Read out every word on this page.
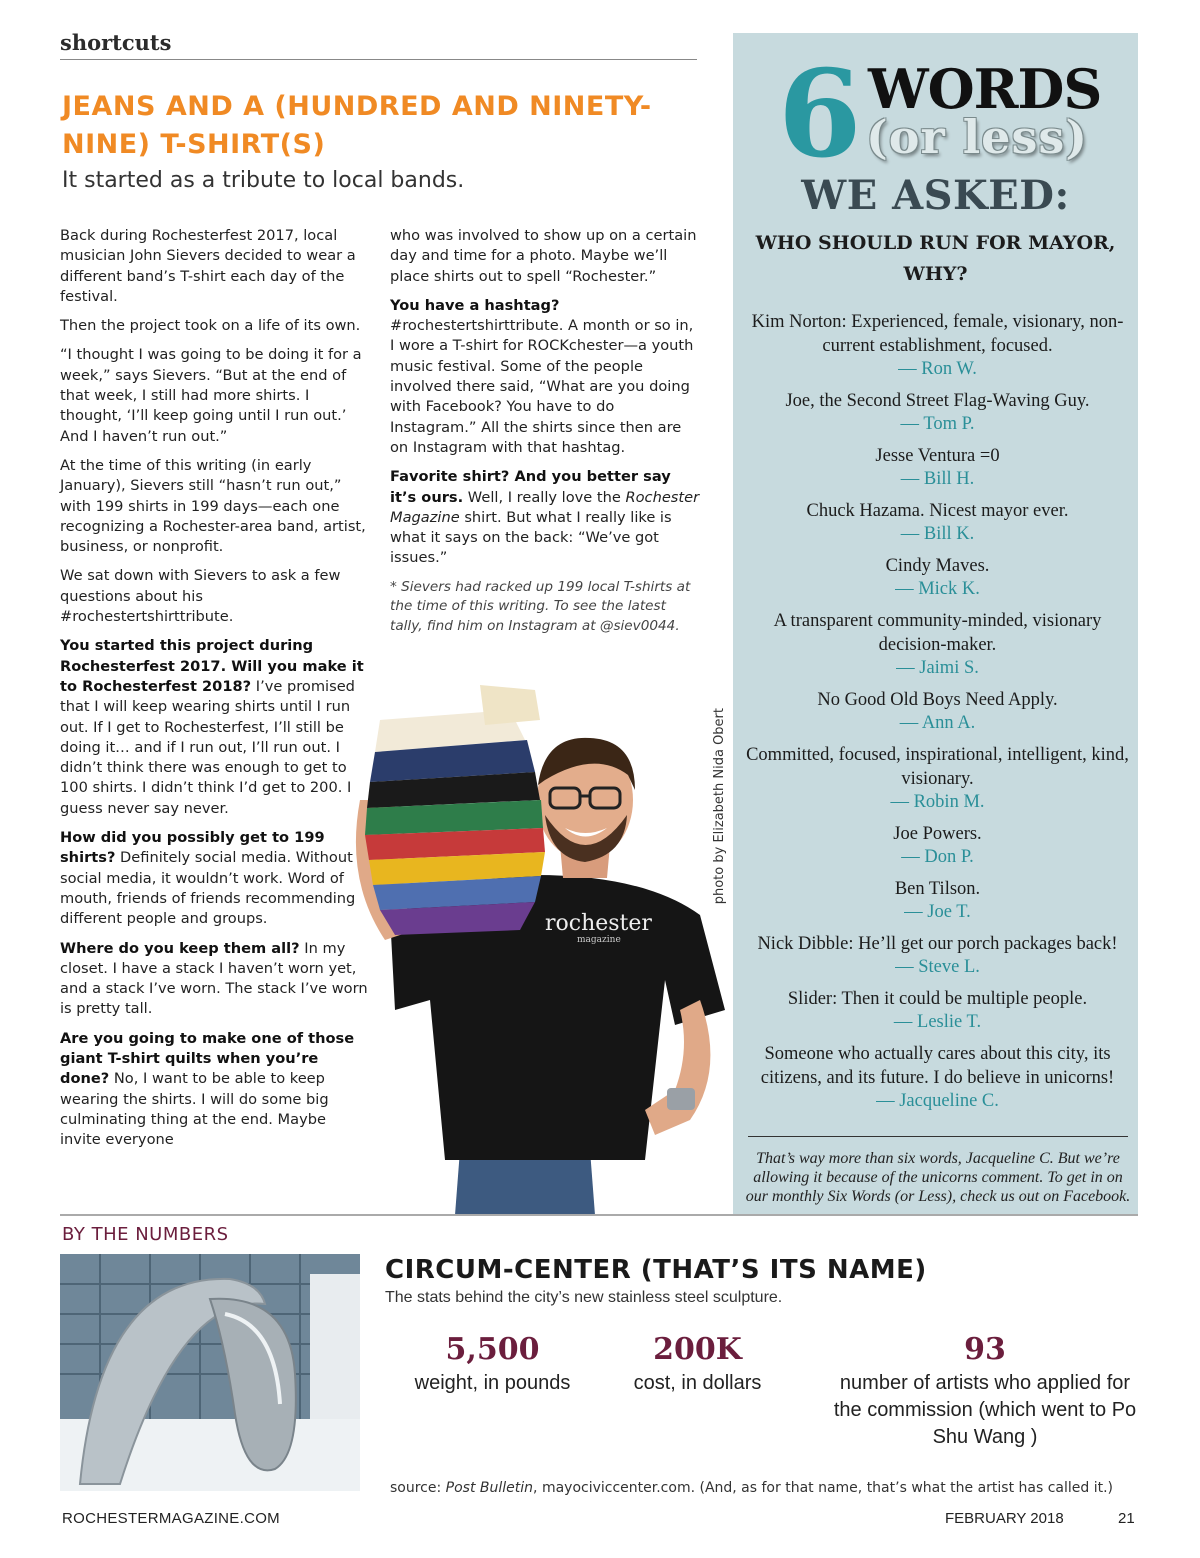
shortcuts
JEANS AND A (HUNDRED AND NINETY-NINE) T-SHIRT(S)
It started as a tribute to local bands.

Back during Rochesterfest 2017, local musician John Sievers decided to wear a different band’s T-shirt each day of the festival.

Then the project took on a life of its own.

“I thought I was going to be doing it for a week,” says Sievers. “But at the end of that week, I still had more shirts. I thought, ‘I’ll keep going until I run out.’ And I haven’t run out.”

At the time of this writing (in early January), Sievers still “hasn’t run out,” with 199 shirts in 199 days—each one recognizing a Rochester-area band, artist, business, or nonprofit.

We sat down with Sievers to ask a few questions about his #rochestertshirttribute.

You started this project during Rochesterfest 2017. Will you make it to Rochesterfest 2018? I’ve promised that I will keep wearing shirts until I run out. If I get to Rochesterfest, I’ll still be doing it… and if I run out, I’ll run out. I didn’t think there was enough to get to 100 shirts. I didn’t think I’d get to 200. I guess never say never.

How did you possibly get to 199 shirts? Definitely social media. Without social media, it wouldn’t work. Word of mouth, friends of friends recommending different people and groups.

Where do you keep them all? In my closet. I have a stack I haven’t worn yet, and a stack I’ve worn. The stack I’ve worn is pretty tall.

Are you going to make one of those giant T-shirt quilts when you’re done? No, I want to be able to keep wearing the shirts. I will do some big culminating thing at the end. Maybe invite everyone

who was involved to show up on a certain day and time for a photo. Maybe we’ll place shirts out to spell “Rochester.”

You have a hashtag?
#rochestertshirttribute. A month or so in, I wore a T-shirt for ROCKchester—a youth music festival. Some of the people involved there said, “What are you doing with Facebook? You have to do Instagram.” All the shirts since then are on Instagram with that hashtag.

Favorite shirt? And you better say it’s ours. Well, I really love the Rochester Magazine shirt. But what I really like is what it says on the back: “We’ve got issues.”

* Sievers had racked up 199 local T-shirts at the time of this writing. To see the latest tally, find him on Instagram at @siev0044.

rochester
magazine
photo by Elizabeth Nida Obert
6 WORDS
(or less)
WE ASKED:
WHO SHOULD RUN FOR MAYOR, WHY?
Kim Norton: Experienced, female, visionary, non-current establishment, focused.
— Ron W.
Joe, the Second Street Flag-Waving Guy.
— Tom P.
Jesse Ventura =0
— Bill H.
Chuck Hazama. Nicest mayor ever.
— Bill K.
Cindy Maves.
— Mick K.
A transparent community-minded, visionary decision-maker.
— Jaimi S.
No Good Old Boys Need Apply.
— Ann A.
Committed, focused, inspirational, intelligent, kind, visionary.
— Robin M.
Joe Powers.
— Don P.
Ben Tilson.
— Joe T.
Nick Dibble: He’ll get our porch packages back!
— Steve L.
Slider: Then it could be multiple people.
— Leslie T.
Someone who actually cares about this city, its citizens, and its future. I do believe in unicorns!
— Jacqueline C.
That’s way more than six words, Jacqueline C. But we’re allowing it because of the unicorns comment. To get in on our monthly Six Words (or Less), check us out on Facebook.
BY THE NUMBERS
CIRCUM-CENTER (THAT’S ITS NAME)
The stats behind the city’s new stainless steel sculpture.
5,500
weight, in pounds
200K
cost, in dollars
93
number of artists who applied for the commission (which went to Po Shu Wang )
source: Post Bulletin, mayociviccenter.com. (And, as for that name, that’s what the artist has called it.)
ROCHESTERMAGAZINE.COM	FEBRUARY 2018	21
